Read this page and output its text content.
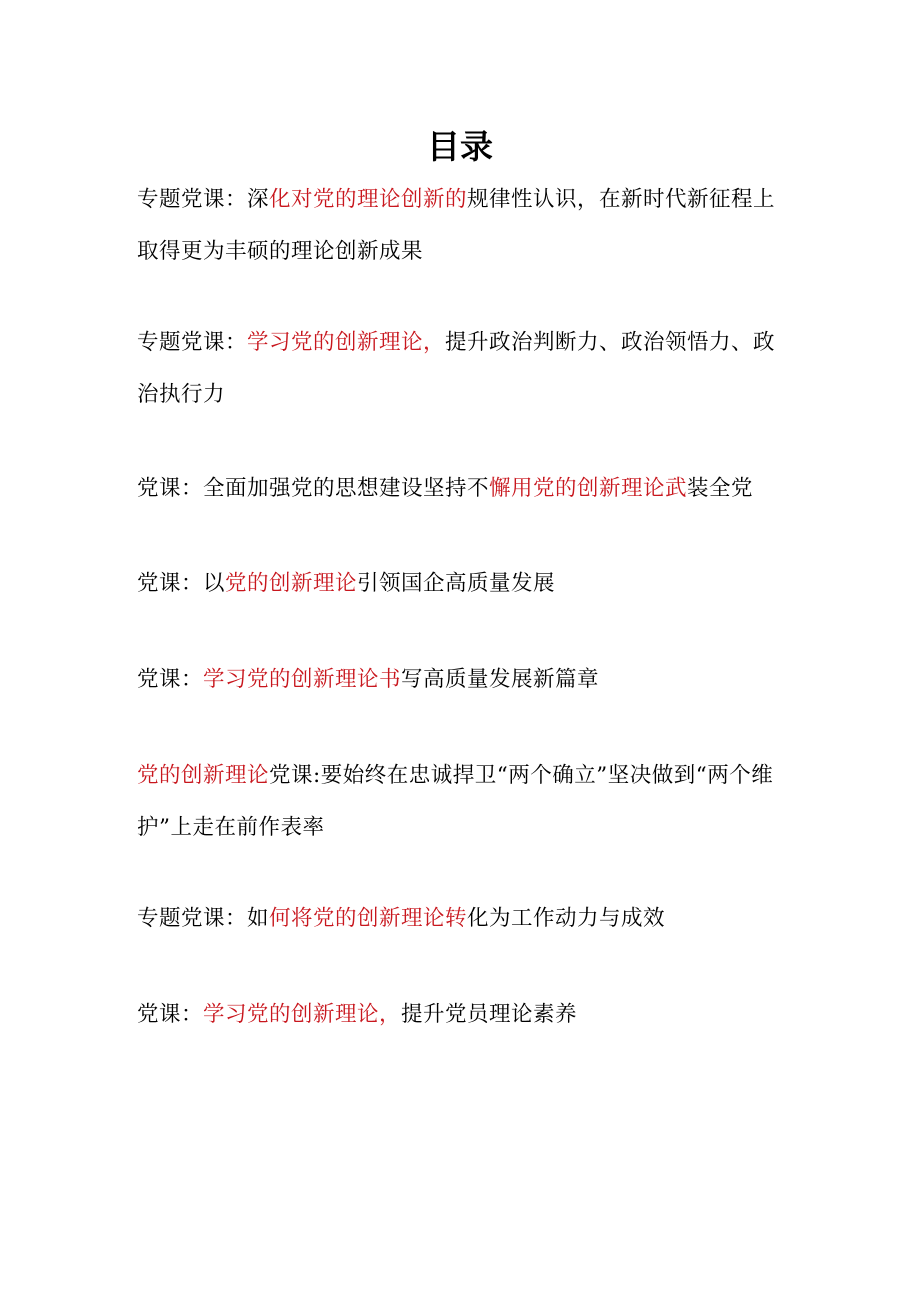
目录
专题党课：深化对党的理论创新的规律性认识，在新时代新征程上取得更为丰硕的理论创新成果
专题党课：学习党的创新理论，提升政治判断力、政治领悟力、政治执行力
党课：全面加强党的思想建设坚持不懈用党的创新理论武装全党
党课：以党的创新理论引领国企高质量发展
党课：学习党的创新理论书写高质量发展新篇章
党的创新理论党课:要始终在忠诚捍卫“两个确立”坚决做到“两个维护”上走在前作表率
专题党课：如何将党的创新理论转化为工作动力与成效
党课：学习党的创新理论，提升党员理论素养
